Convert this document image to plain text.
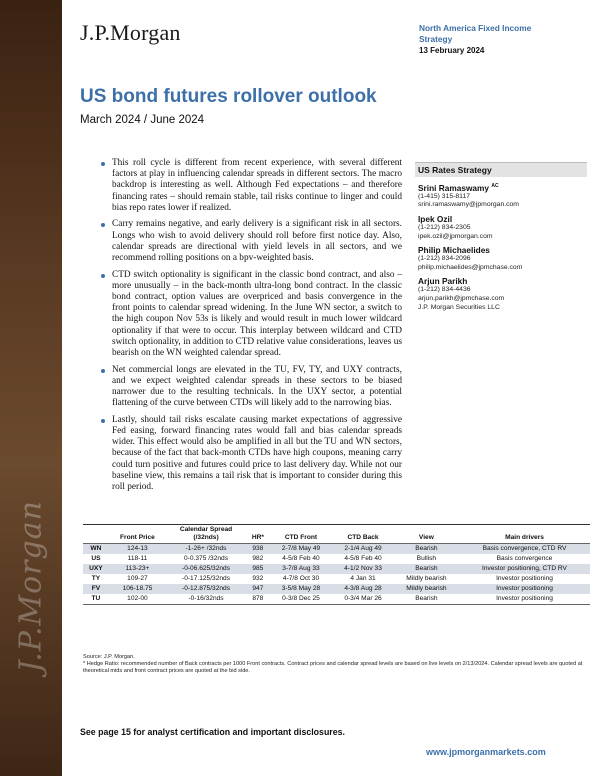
J.P.Morgan
J.P.Morgan	North America Fixed Income
Strategy
13 February 2024
US bond futures rollover outlook
March 2024 / June 2024
This roll cycle is different from recent experience, with several different factors at play in influencing calendar spreads in different sectors. The macro backdrop is interesting as well. Although Fed expectations – and therefore financing rates – should remain stable, tail risks continue to linger and could bias repo rates lower if realized.
Carry remains negative, and early delivery is a significant risk in all sectors. Longs who wish to avoid delivery should roll before first notice day. Also, calendar spreads are directional with yield levels in all sectors, and we recommend rolling positions on a bpv-weighted basis.
CTD switch optionality is significant in the classic bond contract, and also – more unusually – in the back-month ultra-long bond contract. In the classic bond contract, option values are overpriced and basis convergence in the front points to calendar spread widening. In the June WN sector, a switch to the high coupon Nov 53s is likely and would result in much lower wildcard optionality if that were to occur. This interplay between wildcard and CTD switch optionality, in addition to CTD relative value considerations, leaves us bearish on the WN weighted calendar spread.
Net commercial longs are elevated in the TU, FV, TY, and UXY contracts, and we expect weighted calendar spreads in these sectors to be biased narrower due to the resulting technicals. In the UXY sector, a potential flattening of the curve between CTDs will likely add to the narrowing bias.
Lastly, should tail risks escalate causing market expectations of aggressive Fed easing, forward financing rates would fall and bias calendar spreads wider. This effect would also be amplified in all but the TU and WN sectors, because of the fact that back-month CTDs have high coupons, meaning carry could turn positive and futures could price to last delivery day. While not our baseline view, this remains a tail risk that is important to consider during this roll period.
US Rates Strategy
Srini Ramaswamy $^{AC}$
(1-415) 315-8117
srini.ramaswamy@jpmorgan.com
Ipek Ozil
(1-212) 834-2305
ipek.ozil@jpmorgan.com
Philip Michaelides
(1-212) 834-2096
philip.michaelides@jpmchase.com
Arjun Parikh
(1-212) 834-4436
arjun.parikh@jpmchase.com
J.P. Morgan Securities LLC
	Front Price	Calendar Spread (/32nds)	HR*	CTD Front	CTD Back	View	Main drivers
WN	124-13	-1-26+ /32nds	938	2-7/8 May 49	2-1/4 Aug 49	Bearish	Basis convergence, CTD RV
US	118-11	0-0.375 /32nds	982	4-5/8 Feb 40	4-5/8 Feb 40	Bullish	Basis convergence
UXY	113-23+	-0-06.625/32nds	985	3-7/8 Aug 33	4-1/2 Nov 33	Bearish	Investor positioning, CTD RV
TY	109-27	-0-17.125/32nds	932	4-7/8 Oct 30	4 Jan 31	Mildly bearish	Investor positioning
FV	106-18.75	-0-12.875/32nds	947	3-5/8 May 28	4-3/8 Aug 28	Mildly bearish	Investor positioning
TU	102-00	-0-16/32nds	878	0-3/8 Dec 25	0-3/4 Mar 26	Bearish	Investor positioning
Source: J.P. Morgan.
* Hedge Ratio: recommended number of Back contracts per 1000 Front contracts. Contract prices and calendar spread levels are based on live levels on 2/13/2024. Calendar spread levels are quoted at theoretical mids and front contract prices are quoted at the bid side.
See page 15 for analyst certification and important disclosures.
www.jpmorganmarkets.com
